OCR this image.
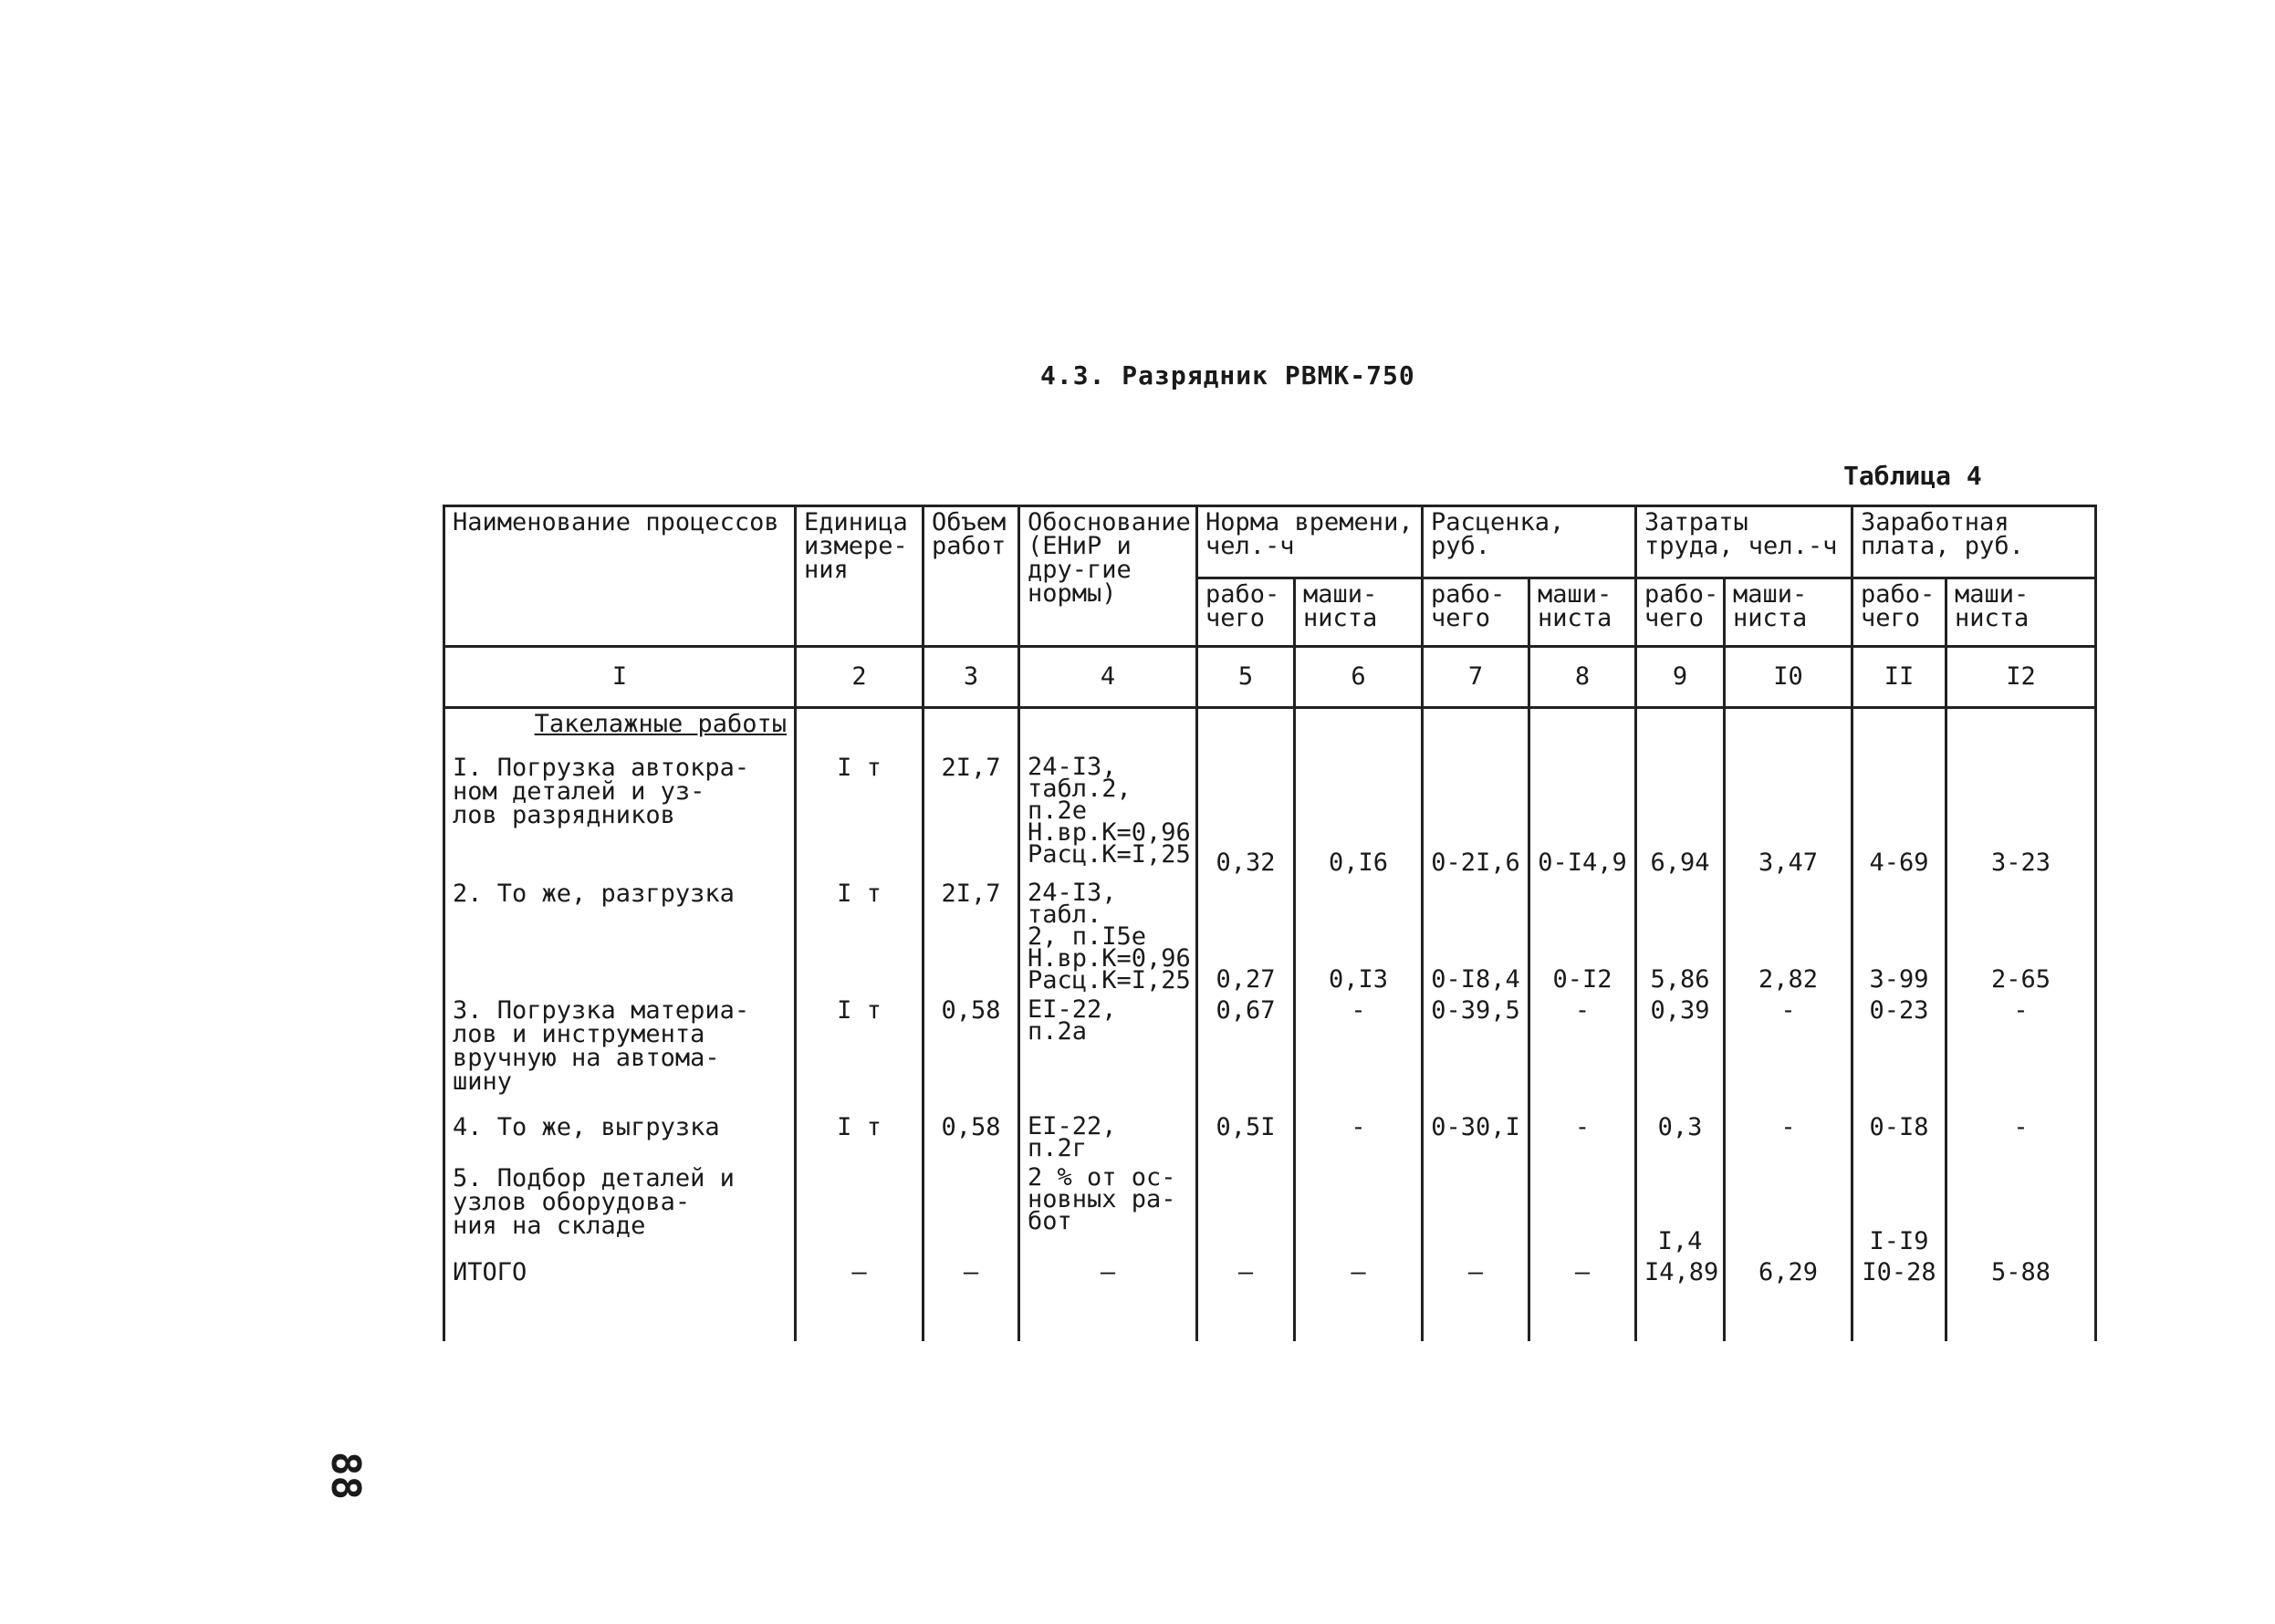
4.3. Разрядник РВМК-750
Таблица 4
88
Наименование процессов	Единица измере-ния	Объем работ	Обоснование (ЕНиР и дру-гие нормы)	Норма времени, чел.-ч		Расценка, руб.		Затраты труда, чел.-ч		Заработная плата, руб.	
				рабо-чего	маши-ниста	рабо-чего	маши-ниста	рабо-чего	маши-ниста	рабо-чего	маши-ниста
I	2	3	4	5	6	7	8	9	I0	II	I2
Такелажные работы											
I. Погрузка автокра-
ном деталей и уз-
лов разрядников	I т	2I,7	24-I3,
табл.2,
п.2е
Н.вр.К=0,96
Расц.К=I,25	0,32	0,I6	0-2I,6	0-I4,9	6,94	3,47	4-69	3-23
2. То же, разгрузка	I т	2I,7	24-I3, табл.
2, п.I5е
Н.вр.К=0,96
Расц.К=I,25	0,27	0,I3	0-I8,4	0-I2	5,86	2,82	3-99	2-65
3. Погрузка материа-
лов и инструмента
вручную на автома-
шину	I т	0,58	ЕI-22, п.2а	0,67	-	0-39,5	-	0,39	-	0-23	-
4. То же, выгрузка	I т	0,58	ЕI-22, п.2г	0,5I	-	0-30,I	-	0,3	-	0-I8	-
5. Подбор деталей и
узлов оборудова-
ния на складе			2 % от ос-
новных ра-
бот					I,4		I-I9	
ИТОГО	–	–	–	–	–	–	–	I4,89	6,29	I0-28	5-88
